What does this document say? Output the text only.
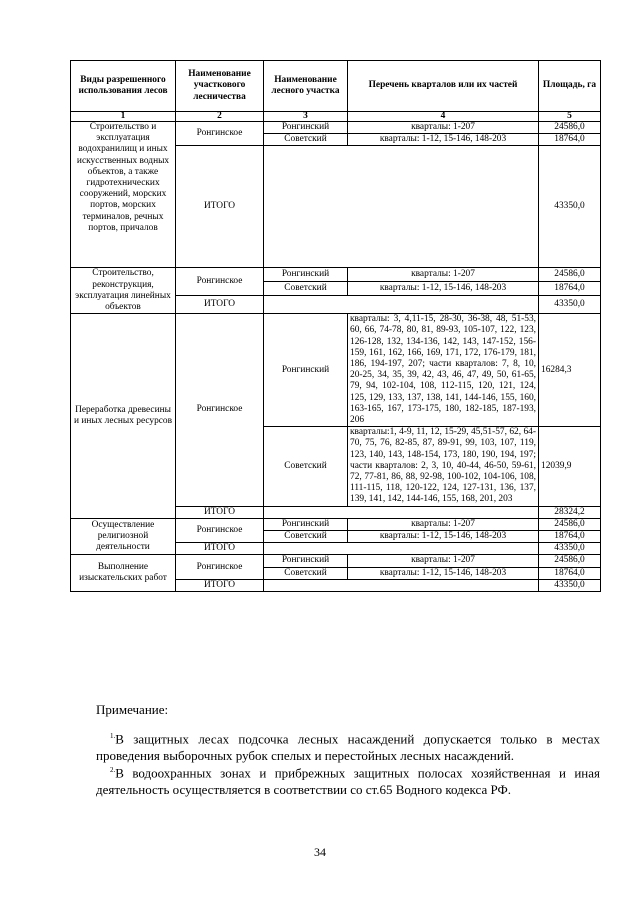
Виды разрешенного использования лесов	Наименование участкового лесничества	Наименование лесного участка	Перечень кварталов или их частей	Площадь, га
1	2	3	4	5
Строительство и эксплуатация водохранилищ и иных искусственных водных объектов, а также гидротехнических сооружений, морских портов, морских терминалов, речных портов, причалов	Ронгинское	Ронгинский	кварталы: 1-207	24586,0
		Советский	кварталы: 1-12, 15-146, 148-203	18764,0
	ИТОГО			43350,0
Строительство, реконструкция, эксплуатация линейных объектов	Ронгинское	Ронгинский	кварталы: 1-207	24586,0
		Советский	кварталы: 1-12, 15-146, 148-203	18764,0
	ИТОГО			43350,0
Переработка древесины и иных лесных ресурсов	Ронгинское	Ронгинский	кварталы: 3, 4,11-15, 28-30, 36-38, 48, 51-53, 60, 66, 74-78, 80, 81, 89-93, 105-107, 122, 123, 126-128, 132, 134-136, 142, 143, 147-152, 156-159, 161, 162, 166, 169, 171, 172, 176-179, 181, 186, 194-197, 207; части кварталов: 7, 8, 10, 20-25, 34, 35, 39, 42, 43, 46, 47, 49, 50, 61-65, 79, 94, 102-104, 108, 112-115, 120, 121, 124, 125, 129, 133, 137, 138, 141, 144-146, 155, 160, 163-165, 167, 173-175, 180, 182-185, 187-193, 206	16284,3
		Советский	кварталы:1, 4-9, 11, 12, 15-29, 45,51-57, 62, 64-70, 75, 76, 82-85, 87, 89-91, 99, 103, 107, 119, 123, 140, 143, 148-154, 173, 180, 190, 194, 197; части кварталов: 2, 3, 10, 40-44, 46-50, 59-61, 72, 77-81, 86, 88, 92-98, 100-102, 104-106, 108, 111-115, 118, 120-122, 124, 127-131, 136, 137, 139, 141, 142, 144-146, 155, 168, 201, 203	12039,9
	ИТОГО			28324,2
Осуществление религиозной деятельности	Ронгинское	Ронгинский	кварталы: 1-207	24586,0
		Советский	кварталы: 1-12, 15-146, 148-203	18764,0
	ИТОГО			43350,0
Выполнение изыскательских работ	Ронгинское	Ронгинский	кварталы: 1-207	24586,0
		Советский	кварталы: 1-12, 15-146, 148-203	18764,0
	ИТОГО			43350,0
Примечание:
$^{1.}$В защитных лесах подсочка лесных насаждений допускается только в местах проведения выборочных рубок спелых и перестойных лесных насаждений.
$^{2.}$В водоохранных зонах и прибрежных защитных полосах хозяйственная и иная деятельность осуществляется в соответствии со ст.65 Водного кодекса РФ.
34
